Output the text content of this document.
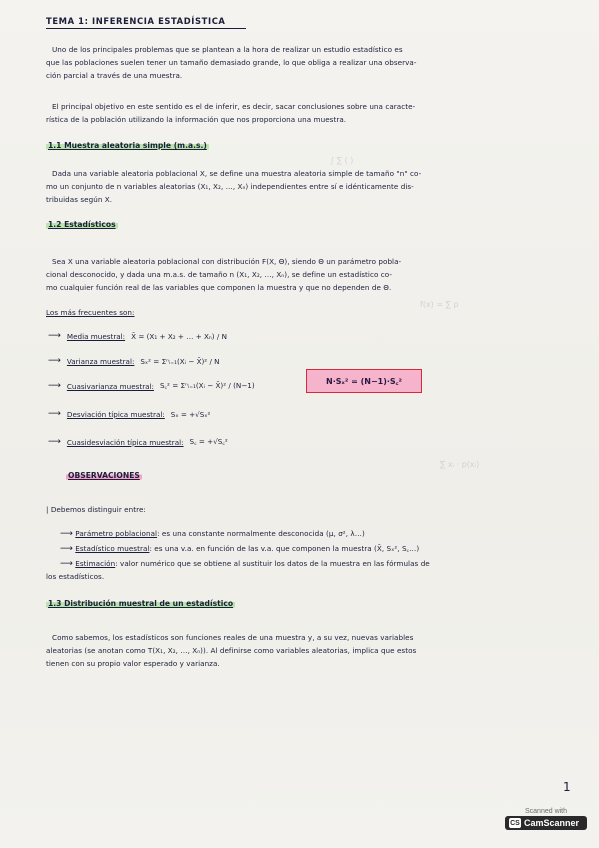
∫ ∑ ( )
f(x) = ∑ p
∑ xᵢ · p(xᵢ)
TEMA 1: INFERENCIA ESTADÍSTICA
Uno de los principales problemas que se plantean a la hora de realizar un estudio estadístico es
que las poblaciones suelen tener un tamaño demasiado grande, lo que obliga a realizar una observa-
ción parcial a través de una muestra.
El principal objetivo en este sentido es el de inferir, es decir, sacar conclusiones sobre una caracte-
rística de la población utilizando la información que nos proporciona una muestra.
1.1 Muestra aleatoria simple (m.a.s.)
Dada una variable aleatoria poblacional X, se define una muestra aleatoria simple de tamaño "n" co-
mo un conjunto de n variables aleatorias (X₁, X₂, …, Xₙ) independientes entre sí e idénticamente dis-
tribuidas según X.
1.2 Estadísticos
Sea X una variable aleatoria poblacional con distribución F(X, Θ), siendo Θ un parámetro pobla-
cional desconocido, y dada una m.a.s. de tamaño n (X₁, X₂, …, Xₙ), se define un estadístico co-
mo cualquier función real de las variables que componen la muestra y que no dependen de Θ.
Los más frecuentes son:
⟶ Media muestral: X̄ = (X₁ + X₂ + … + Xₙ) / N
⟶ Varianza muestral: Sₓ² = Σⁿᵢ₌₁(Xᵢ − X̄)² / N
⟶ Cuasivarianza muestral: S꜀² = Σⁿᵢ₌₁(Xᵢ − X̄)² / (N−1)
⟶ Desviación típica muestral: Sₓ = +√Sₓ²
⟶ Cuasidesviación típica muestral: S꜀ = +√S꜀²
N·Sₓ² = (N−1)·S꜀²
OBSERVACIONES
| Debemos distinguir entre:
⟶ Parámetro poblacional: es una constante normalmente desconocida (μ, σ², λ…)
⟶ Estadístico muestral: es una v.a. en función de las v.a. que componen la muestra (X̄, Sₓ², S꜀…)
⟶ Estimación: valor numérico que se obtiene al sustituir los datos de la muestra en las fórmulas de
los estadísticos.
1.3 Distribución muestral de un estadístico
Como sabemos, los estadísticos son funciones reales de una muestra y, a su vez, nuevas variables
aleatorias (se anotan como T(X₁, X₂, …, Xₙ)). Al definirse como variables aleatorias, implica que estos
tienen con su propio valor esperado y varianza.
1
Scanned with
CS CamScanner
